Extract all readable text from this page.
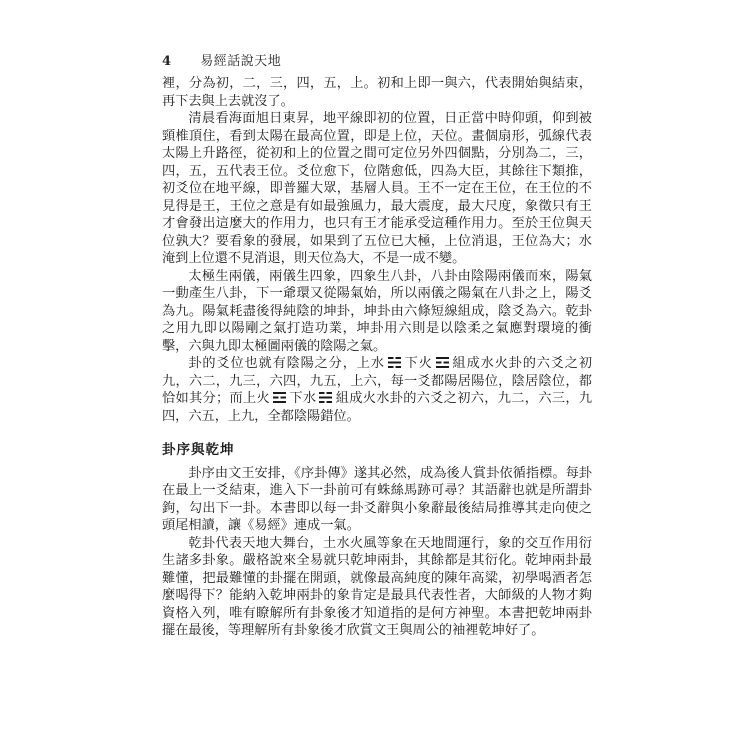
4 易經話說天地

裡，分為初，二，三，四，五，上。初和上即一與六，代表開始與結束，再下去與上去就沒了。

清晨看海面旭日東昇，地平線即初的位置，日正當中時仰頭，仰到被頸椎頂住，看到太陽在最高位置，即是上位，天位。畫個扇形，弧線代表太陽上升路徑，從初和上的位置之間可定位另外四個點，分別為二，三，四，五，五代表王位。爻位愈下，位階愈低，四為大臣，其餘往下類推，初爻位在地平線，即普羅大眾，基層人員。王不一定在王位，在王位的不見得是王，王位之意是有如最強風力，最大震度，最大尺度，象徵只有王才會發出這麼大的作用力，也只有王才能承受這種作用力。至於王位與天位孰大？要看象的發展，如果到了五位已大極，上位消退，王位為大；水淹到上位還不見消退，則天位為大，不是一成不變。

太極生兩儀，兩儀生四象，四象生八卦，八卦由陰陽兩儀而來，陽氣一動產生八卦，下一爺環又從陽氣始，所以兩儀之陽氣在八卦之上，陽爻為九。陽氣耗盡後得純陰的坤卦，坤卦由六條短線組成，陰爻為六。乾卦之用九即以陽剛之氣打造功業，坤卦用六則是以陰柔之氣應對環境的衝擊，六與九即太極圖兩儀的陰陽之氣。

卦的爻位也就有陰陽之分，上水 下火 組成水火卦的六爻之初九，六二，九三，六四，九五，上六，每一爻都陽居陽位，陰居陰位，都恰如其分；而上火 下水 組成火水卦的六爻之初六，九二，六三，九四，六五，上九，全都陰陽錯位。

卦序與乾坤

卦序由文王安排，《序卦傳》遂其必然，成為後人賞卦依循指標。每卦在最上一爻結束，進入下一卦前可有蛛絲馬跡可尋？其語辭也就是所謂卦鉤，勾出下一卦。本書即以每一卦爻辭與小象辭最後結局推導其走向使之頭尾相讀，讓《易經》連成一氣。

乾卦代表天地大舞台，土水火風等象在天地間運行，象的交互作用衍生諸多卦象。嚴格說來全易就只乾坤兩卦，其餘都是其衍化。乾坤兩卦最難懂，把最難懂的卦擺在開頭，就像最高純度的陳年高粱，初學喝酒者怎麼喝得下？能納入乾坤兩卦的象肯定是最具代表性者，大師級的人物才夠資格入列，唯有瞭解所有卦象後才知道指的是何方神聖。本書把乾坤兩卦擺在最後，等理解所有卦象後才欣賞文王與周公的袖裡乾坤好了。
